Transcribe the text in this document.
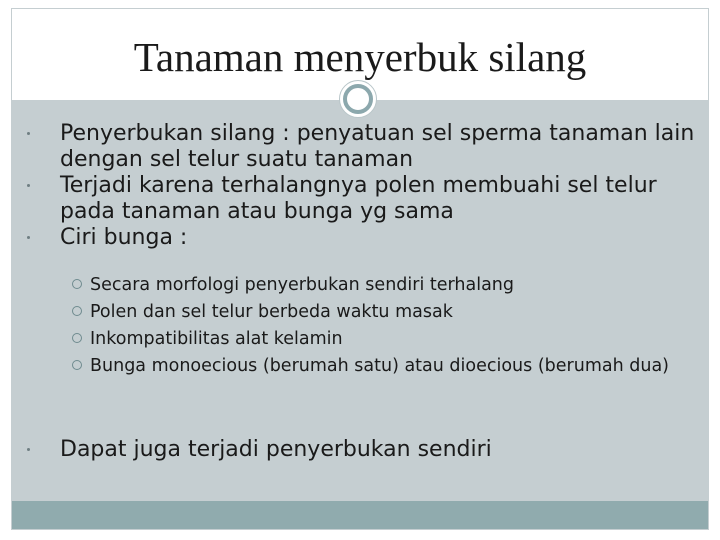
Tanaman menyerbuk silang
Penyerbukan silang : penyatuan sel sperma tanaman lain dengan sel telur suatu tanaman
Terjadi karena terhalangnya polen membuahi sel telur pada tanaman atau bunga yg sama
Ciri bunga :
Secara morfologi penyerbukan sendiri terhalang
Polen dan sel telur berbeda waktu masak
Inkompatibilitas alat kelamin
Bunga monoecious (berumah satu) atau dioecious (berumah dua)
Dapat juga terjadi penyerbukan sendiri
